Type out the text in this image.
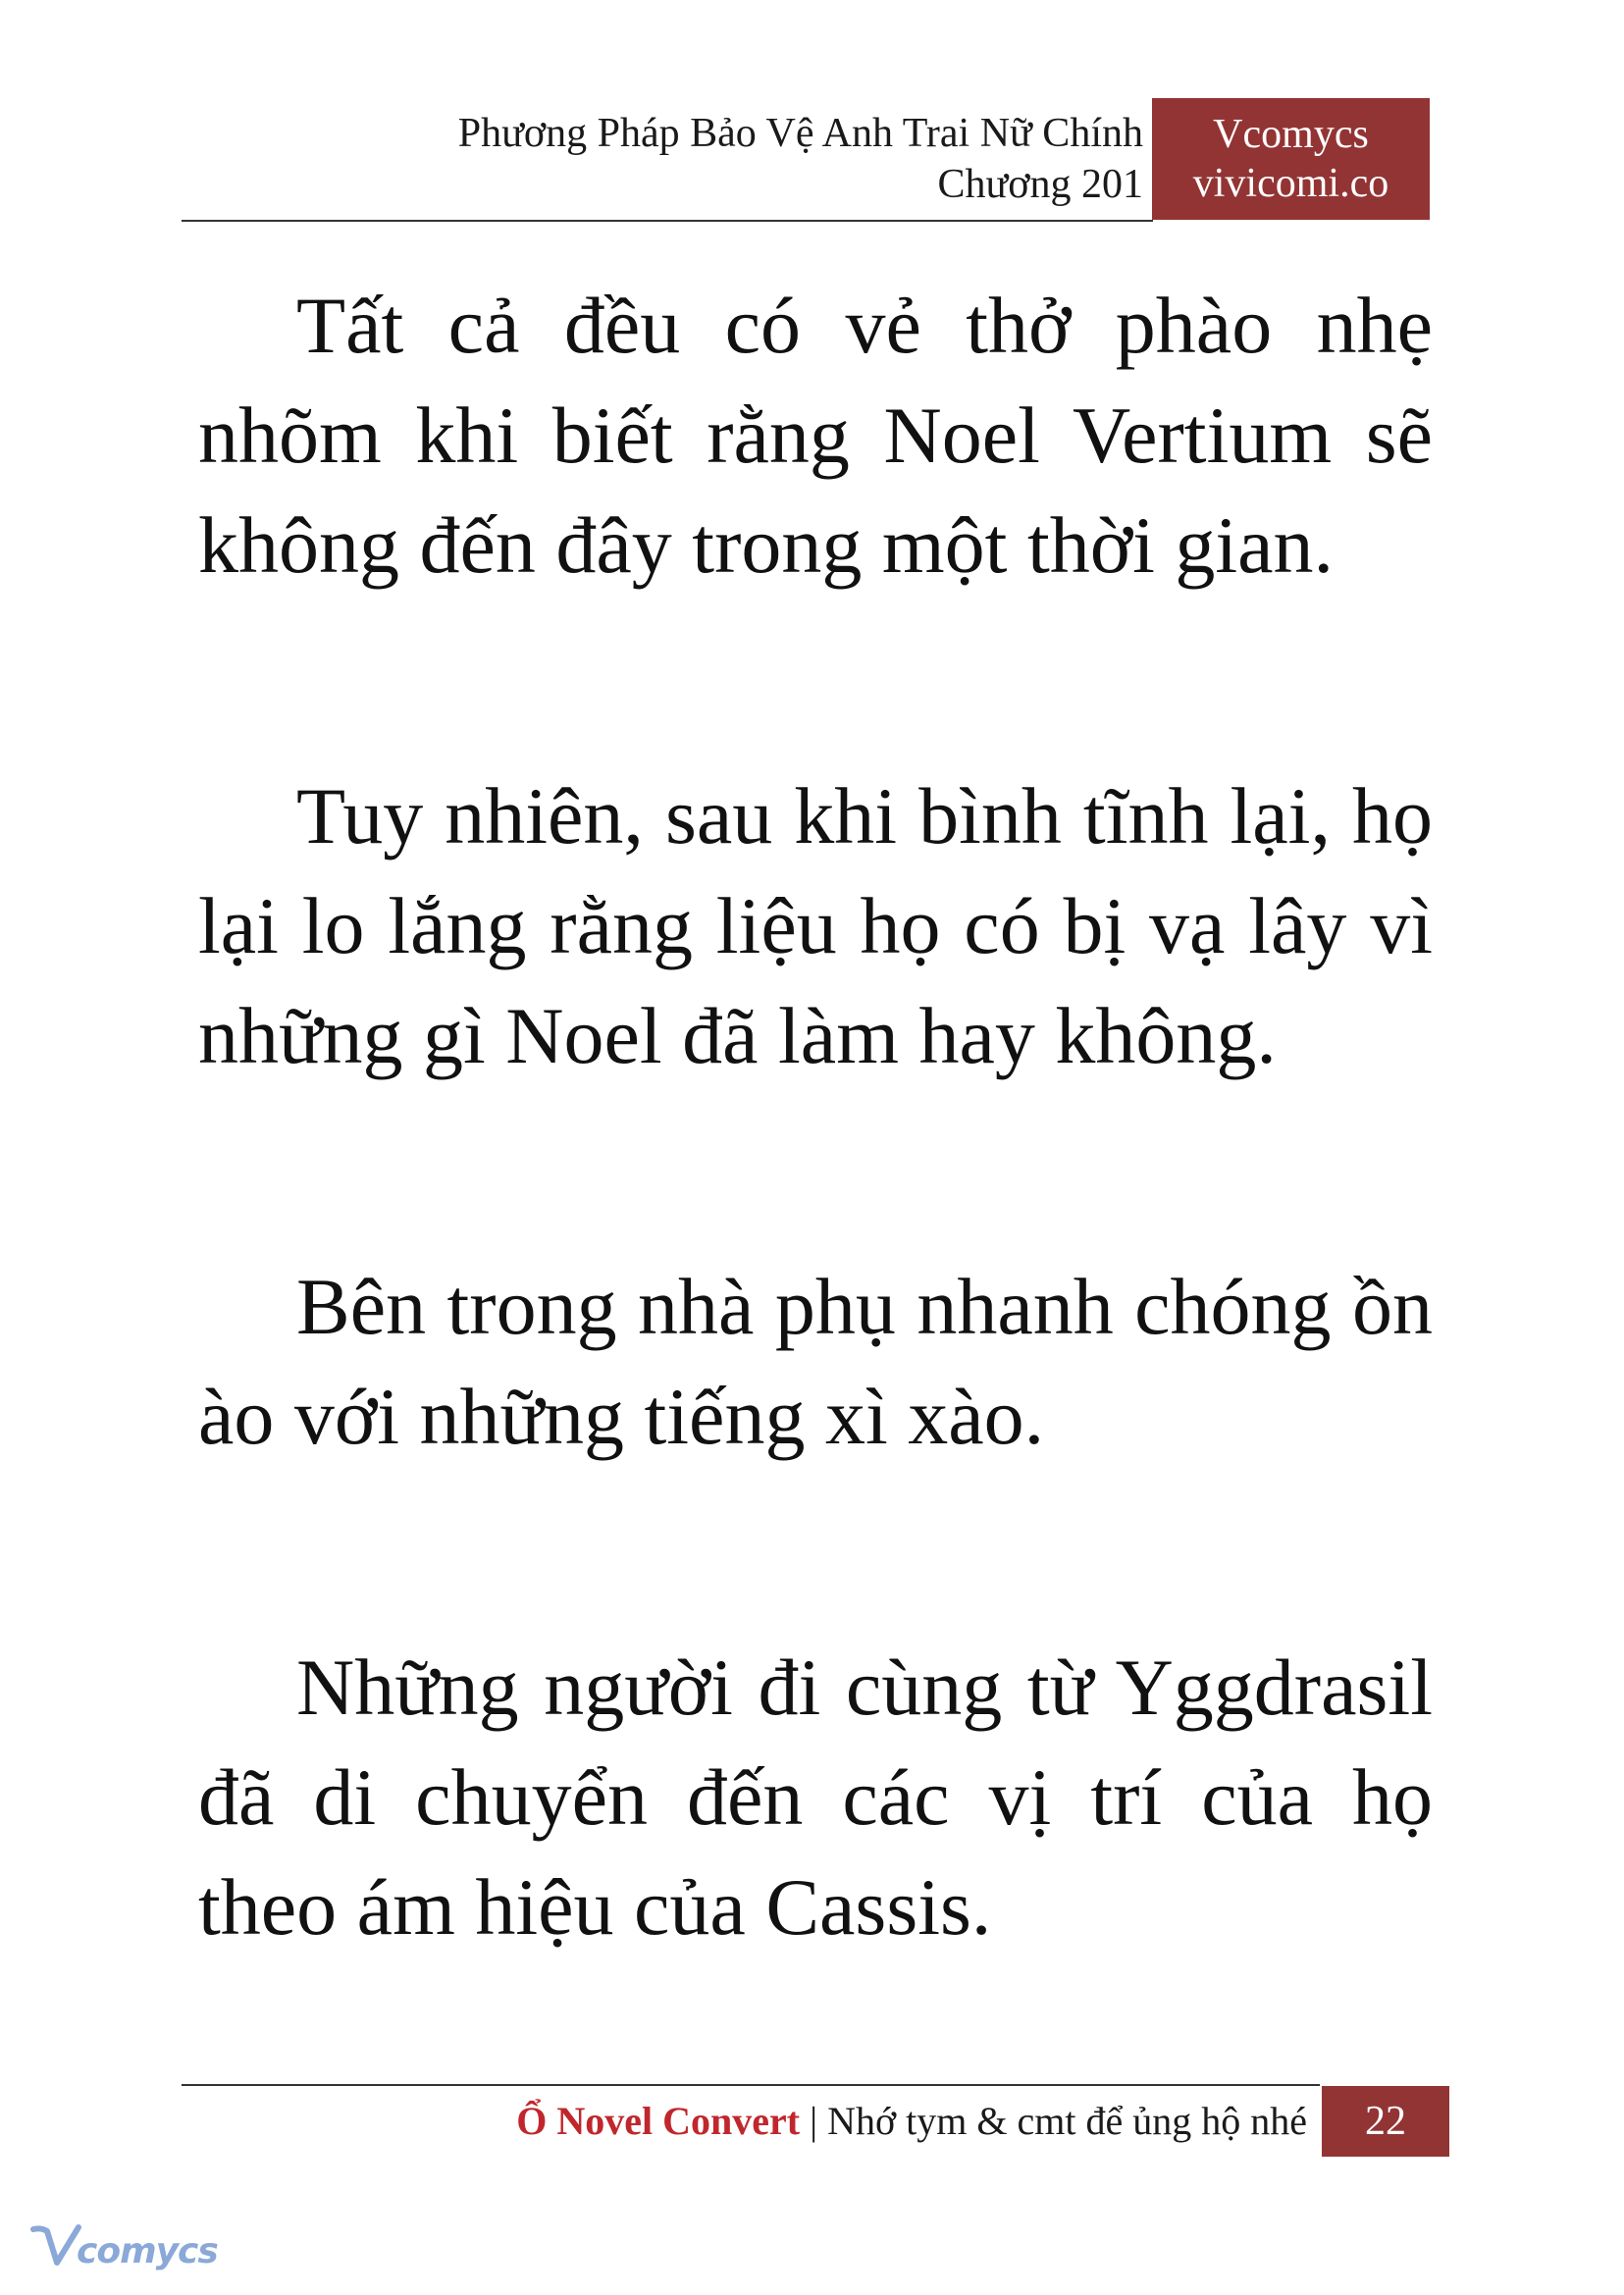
Phương Pháp Bảo Vệ Anh Trai Nữ Chính
Chương 201
Vcomycs
vivicomi.co

Tất cả đều có vẻ thở phào nhẹ nhõm khi biết rằng Noel Vertium sẽ không đến đây trong một thời gian.

Tuy nhiên, sau khi bình tĩnh lại, họ lại lo lắng rằng liệu họ có bị vạ lây vì những gì Noel đã làm hay không.

Bên trong nhà phụ nhanh chóng ồn ào với những tiếng xì xào.

Những người đi cùng từ Yggdrasil đã di chuyển đến các vị trí của họ theo ám hiệu của Cassis.

Ổ Novel Convert | Nhớ tym & cmt để ủng hộ nhé	22
comycs
